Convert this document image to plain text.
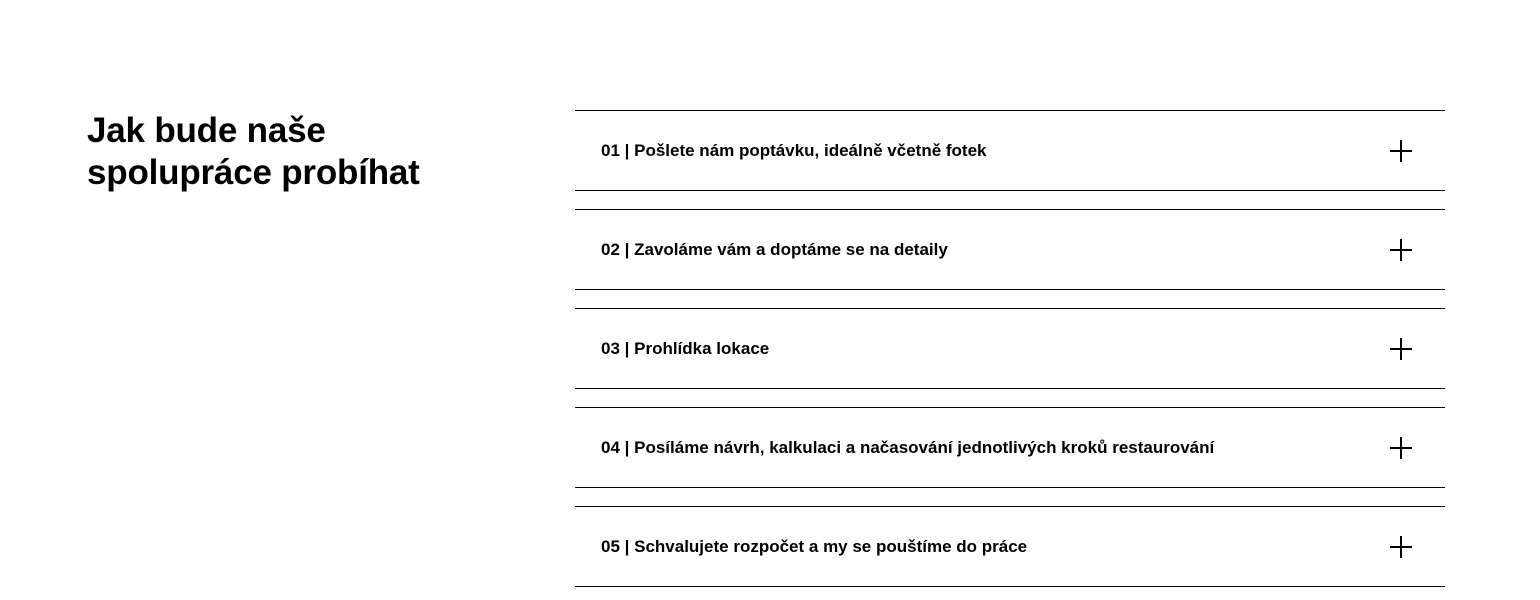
Jak bude naše spolupráce probíhat
01 | Pošlete nám poptávku, ideálně včetně fotek
02 | Zavoláme vám a doptáme se na detaily
03 | Prohlídka lokace
04 | Posíláme návrh, kalkulaci a načasování jednotlivých kroků restaurování
05 | Schvalujete rozpočet a my se pouštíme do práce
